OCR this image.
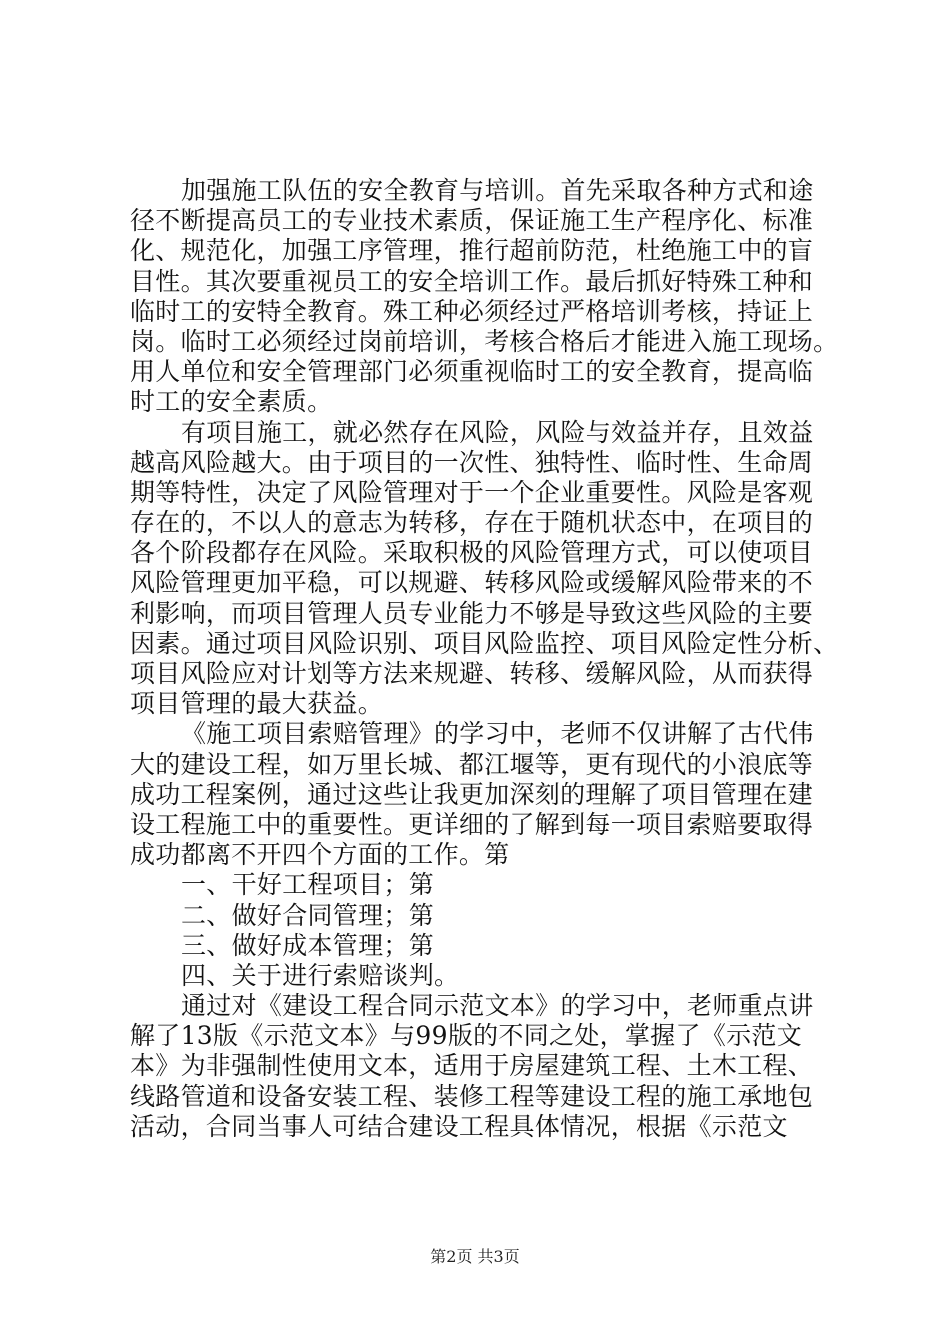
加强施工队伍的安全教育与培训。首先采取各种方式和途
径不断提高员工的专业技术素质，保证施工生产程序化、标准
化、规范化，加强工序管理，推行超前防范，杜绝施工中的盲
目性。其次要重视员工的安全培训工作。最后抓好特殊工种和
临时工的安特全教育。殊工种必须经过严格培训考核，持证上
岗。临时工必须经过岗前培训，考核合格后才能进入施工现场。
用人单位和安全管理部门必须重视临时工的安全教育，提高临
时工的安全素质。
有项目施工，就必然存在风险，风险与效益并存，且效益
越高风险越大。由于项目的一次性、独特性、临时性、生命周
期等特性，决定了风险管理对于一个企业重要性。风险是客观
存在的，不以人的意志为转移，存在于随机状态中，在项目的
各个阶段都存在风险。采取积极的风险管理方式，可以使项目
风险管理更加平稳，可以规避、转移风险或缓解风险带来的不
利影响，而项目管理人员专业能力不够是导致这些风险的主要
因素。通过项目风险识别、项目风险监控、项目风险定性分析、
项目风险应对计划等方法来规避、转移、缓解风险，从而获得
项目管理的最大获益。
《施工项目索赔管理》的学习中，老师不仅讲解了古代伟
大的建设工程，如万里长城、都江堰等，更有现代的小浪底等
成功工程案例，通过这些让我更加深刻的理解了项目管理在建
设工程施工中的重要性。更详细的了解到每一项目索赔要取得
成功都离不开四个方面的工作。第
一、干好工程项目；第
二、做好合同管理；第
三、做好成本管理；第
四、关于进行索赔谈判。
通过对《建设工程合同示范文本》的学习中，老师重点讲
解了13版《示范文本》与99版的不同之处，掌握了《示范文
本》为非强制性使用文本，适用于房屋建筑工程、土木工程、
线路管道和设备安装工程、装修工程等建设工程的施工承地包
活动，合同当事人可结合建设工程具体情况，根据《示范文
第2页 共3页
